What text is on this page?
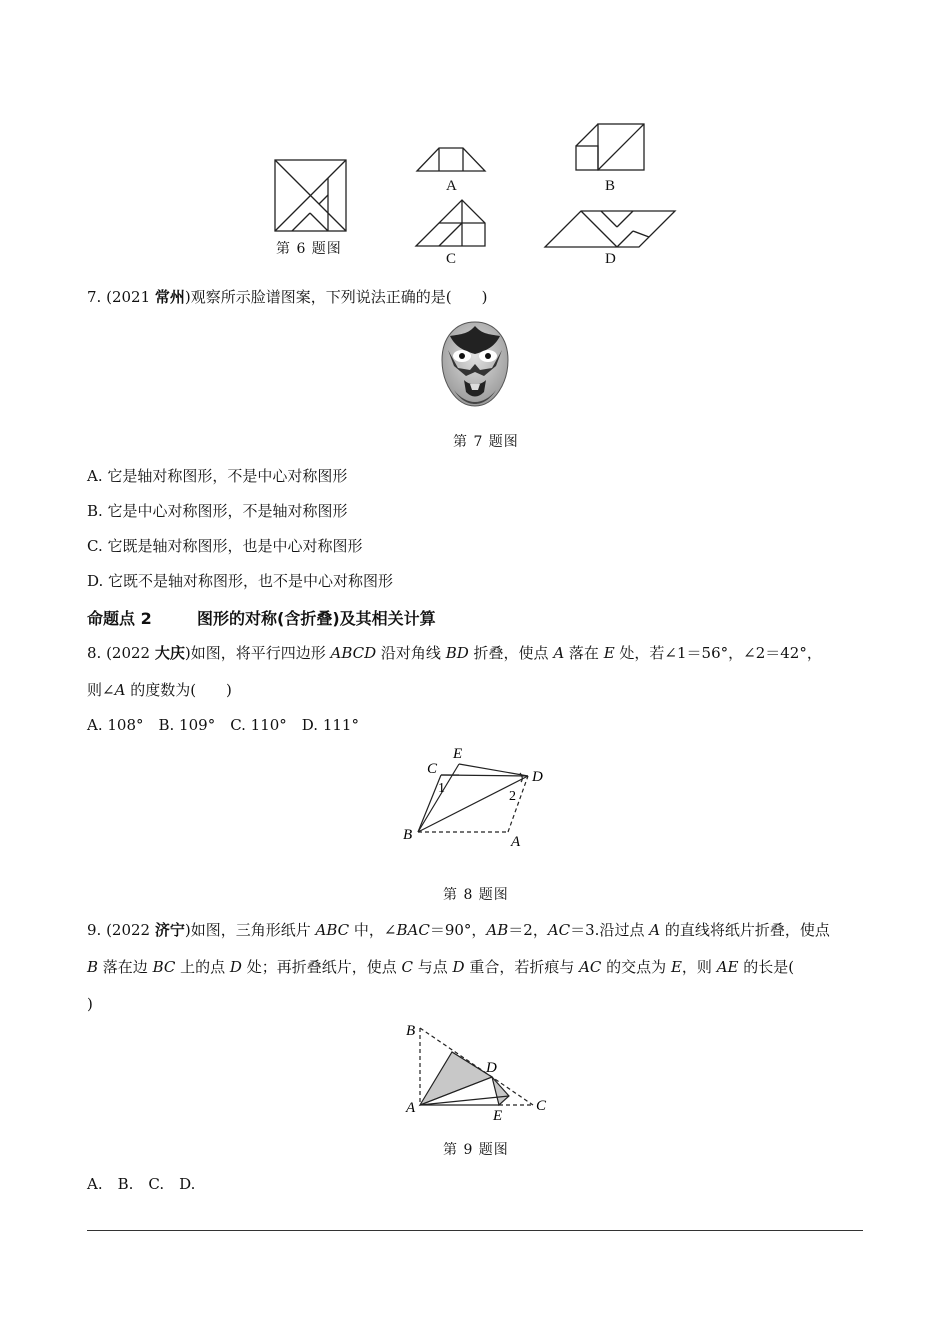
第 6 题图
A	B
C	D
7. (2021 常州)观察所示脸谱图案，下列说法正确的是(　　)
第 7 题图
A. 它是轴对称图形，不是中心对称图形
B. 它是中心对称图形，不是轴对称图形
C. 它既是轴对称图形，也是中心对称图形
D. 它既不是轴对称图形，也不是中心对称图形
命题点 2	图形的对称(含折叠)及其相关计算
8. (2022 大庆)如图，将平行四边形 ABCD 沿对角线 BD 折叠，使点 A 落在 E 处，若∠1＝56°，∠2＝42°，
则∠A 的度数为(　　)
A. 108°　B. 109°　C. 110°　D. 111°
C
E
D
B	A
1
2
第 8 题图
9. (2022 济宁)如图，三角形纸片 ABC 中，∠BAC＝90°，AB＝2，AC＝3.沿过点 A 的直线将纸片折叠，使点
B 落在边 BC 上的点 D 处；再折叠纸片，使点 C 与点 D 重合，若折痕与 AC 的交点为 E，则 AE 的长是(
)
B
D
A	E
C
第 9 题图
A.　B.　C.　D.
